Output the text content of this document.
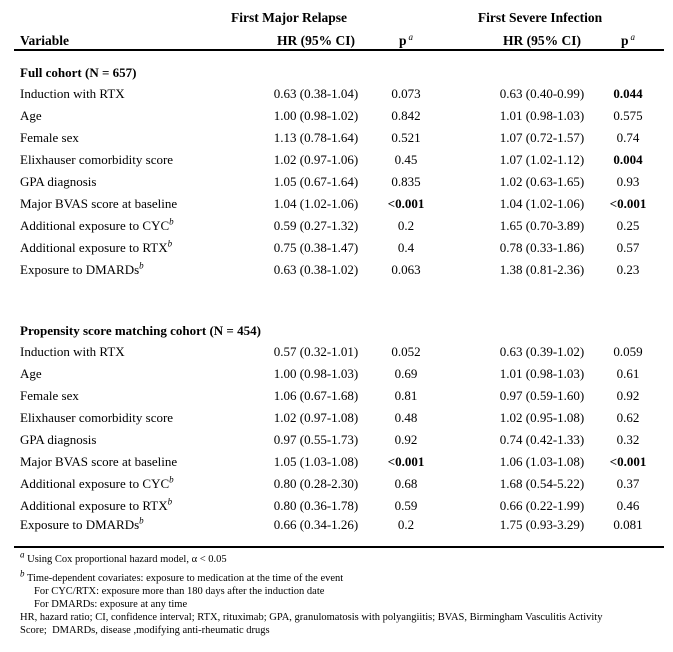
	First Major Relapse			First Severe Infection	
Variable	HR (95% CI)	p $^a$		HR (95% CI)	p $^a$
Full cohort (N = 657)					
Induction with RTX	0.63 (0.38-1.04)	0.073		0.63 (0.40-0.99)	0.044
Age	1.00 (0.98-1.02)	0.842		1.01 (0.98-1.03)	0.575
Female sex	1.13 (0.78-1.64)	0.521		1.07 (0.72-1.57)	0.74
Elixhauser comorbidity score	1.02 (0.97-1.06)	0.45		1.07 (1.02-1.12)	0.004
GPA diagnosis	1.05 (0.67-1.64)	0.835		1.02 (0.63-1.65)	0.93
Major BVAS score at baseline	1.04 (1.02-1.06)	<0.001		1.04 (1.02-1.06)	<0.001
Additional exposure to CYC$^b$	0.59 (0.27-1.32)	0.2		1.65 (0.70-3.89)	0.25
Additional exposure to RTX$^b$	0.75 (0.38-1.47)	0.4		0.78 (0.33-1.86)	0.57
Exposure to DMARDs$^b$	0.63 (0.38-1.02)	0.063		1.38 (0.81-2.36)	0.23
Propensity score matching cohort (N = 454)					
Induction with RTX	0.57 (0.32-1.01)	0.052		0.63 (0.39-1.02)	0.059
Age	1.00 (0.98-1.03)	0.69		1.01 (0.98-1.03)	0.61
Female sex	1.06 (0.67-1.68)	0.81		0.97 (0.59-1.60)	0.92
Elixhauser comorbidity score	1.02 (0.97-1.08)	0.48		1.02 (0.95-1.08)	0.62
GPA diagnosis	0.97 (0.55-1.73)	0.92		0.74 (0.42-1.33)	0.32
Major BVAS score at baseline	1.05 (1.03-1.08)	<0.001		1.06 (1.03-1.08)	<0.001
Additional exposure to CYC$^b$	0.80 (0.28-2.30)	0.68		1.68 (0.54-5.22)	0.37
Additional exposure to RTX$^b$	0.80 (0.36-1.78)	0.59		0.66 (0.22-1.99)	0.46
Exposure to DMARDs$^b$	0.66 (0.34-1.26)	0.2		1.75 (0.93-3.29)	0.081
$^a$ Using Cox proportional hazard model, α < 0.05
$^b$ Time-dependent covariates: exposure to medication at the time of the event
For CYC/RTX: exposure more than 180 days after the induction date
For DMARDs: exposure at any time
HR, hazard ratio; CI, confidence interval; RTX, rituximab; GPA, granulomatosis with polyangiitis; BVAS, Birmingham Vasculitis Activity
Score;  DMARDs, disease ,modifying anti-rheumatic drugs
